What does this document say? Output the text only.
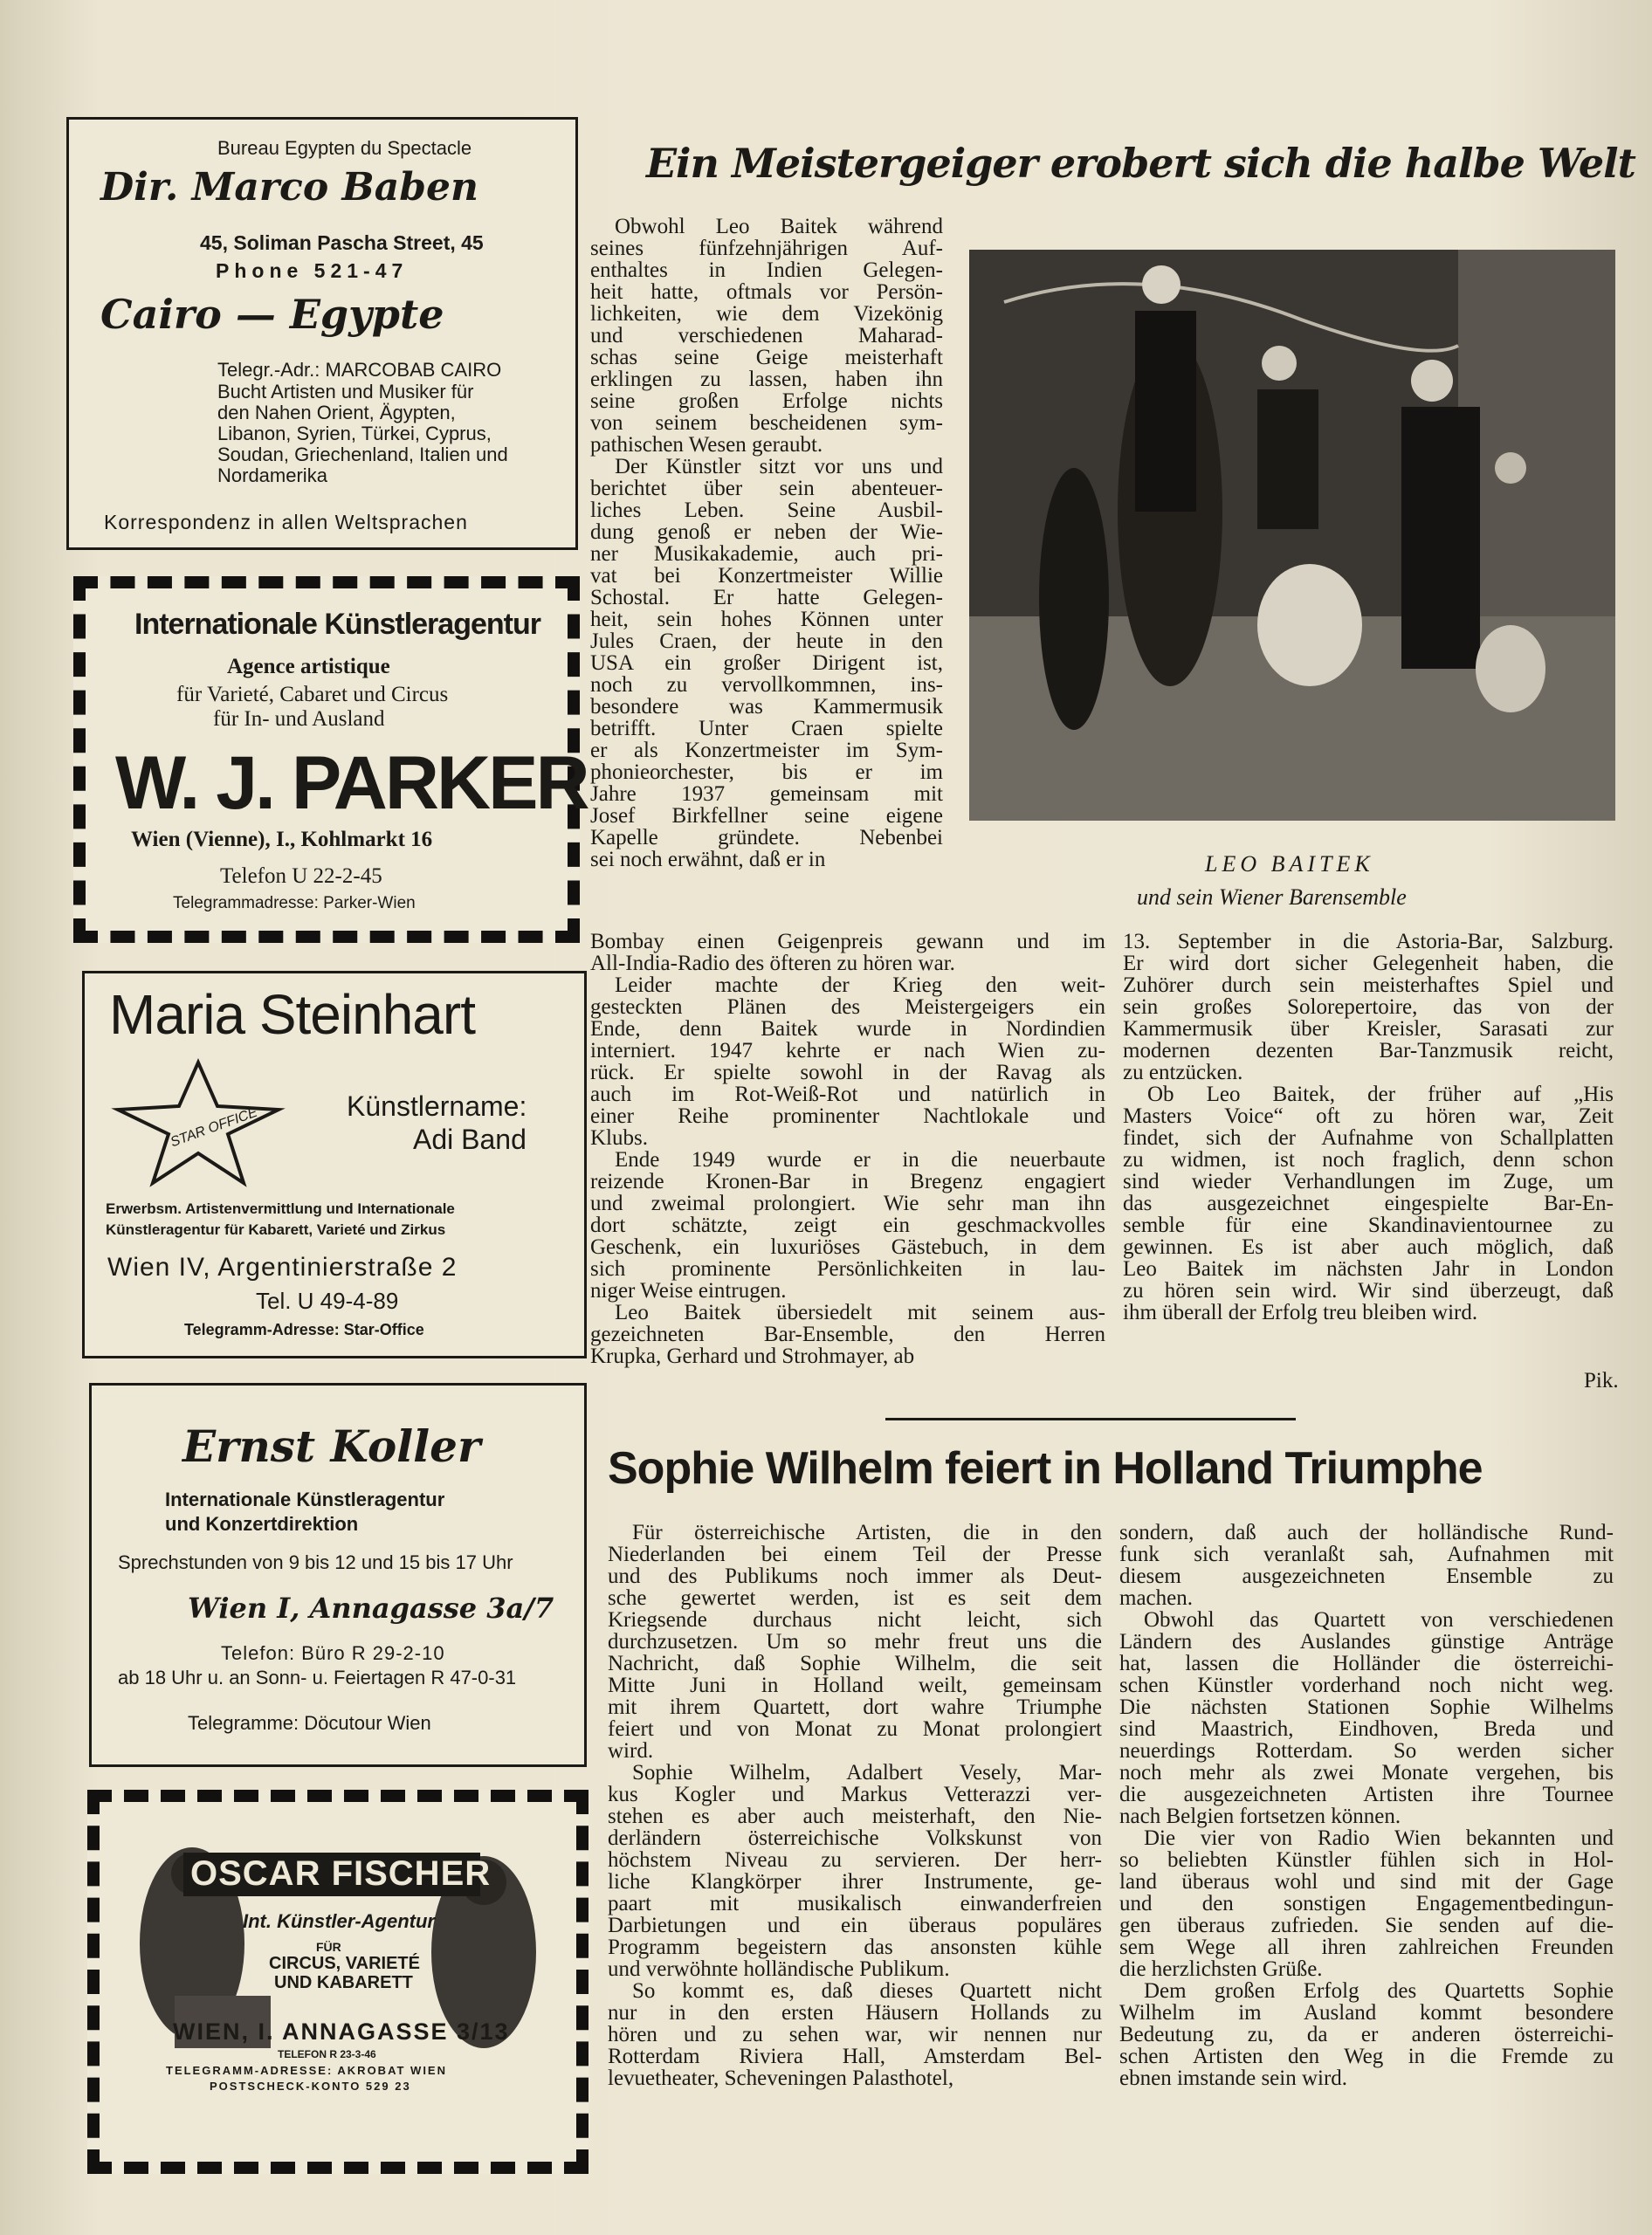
Bureau Egypten du Spectacle
Dir. Marco Baben
45, Soliman Pascha Street, 45
Phone 521-47
Cairo — Egypte
Telegr.-Adr.: MARCOBAB CAIRO
Bucht Artisten und Musiker für
den Nahen Orient, Ägypten,
Libanon, Syrien, Türkei, Cyprus,
Soudan, Griechenland, Italien und
Nordamerika
Korrespondenz in allen Weltsprachen
Internationale Künstleragentur
Agence artistique
für Varieté, Cabaret und Circus
für In- und Ausland
W. J. PARKER
Wien (Vienne), I., Kohlmarkt 16
Telefon U 22-2-45
Telegrammadresse: Parker-Wien
Maria Steinhart
STAR OFFICE	Künstlername:
Adi Band
Erwerbsm. Artistenvermittlung und Internationale
Künstleragentur für Kabarett, Varieté und Zirkus
Wien IV, Argentinierstraße 2
Tel. U 49-4-89
Telegramm-Adresse: Star-Office
Ernst Koller
Internationale Künstleragentur
und Konzertdirektion
Sprechstunden von 9 bis 12 und 15 bis 17 Uhr
Wien I, Annagasse 3a/7
Telefon: Büro R 29-2-10
ab 18 Uhr u. an Sonn- u. Feiertagen R 47-0-31
Telegramme: Döcutour Wien
OSCAR FISCHER
Int. Künstler-Agentur
FÜR
CIRCUS, VARIETÉ
UND KABARETT
WIEN, I. ANNAGASSE 3/13
TELEFON R 23-3-46
TELEGRAMM-ADRESSE: AKROBAT WIEN
POSTSCHECK-KONTO 529 23
Ein Meistergeiger erobert sich die halbe Welt
LEO BAITEK
und sein Wiener Barensemble
Obwohl Leo Baitek während
seines fünfzehnjährigen Auf-
enthaltes in Indien Gelegen-
heit hatte, oftmals vor Persön-
lichkeiten, wie dem Vizekönig
und verschiedenen Maharad-
schas seine Geige meisterhaft
erklingen zu lassen, haben ihn
seine großen Erfolge nichts
von seinem bescheidenen sym-
pathischen Wesen geraubt.
Der Künstler sitzt vor uns und
berichtet über sein abenteuer-
liches Leben. Seine Ausbil-
dung genoß er neben der Wie-
ner Musikakademie, auch pri-
vat bei Konzertmeister Willie
Schostal. Er hatte Gelegen-
heit, sein hohes Können unter
Jules Craen, der heute in den
USA ein großer Dirigent ist,
noch zu vervollkommnen, ins-
besondere was Kammermusik
betrifft. Unter Craen spielte
er als Konzertmeister im Sym-
phonieorchester, bis er im
Jahre 1937 gemeinsam mit
Josef Birkfellner seine eigene
Kapelle gründete. Nebenbei
sei noch erwähnt, daß er in
Bombay einen Geigenpreis gewann und im
All-India-Radio des öfteren zu hören war.
Leider machte der Krieg den weit-
gesteckten Plänen des Meistergeigers ein
Ende, denn Baitek wurde in Nordindien
interniert. 1947 kehrte er nach Wien zu-
rück. Er spielte sowohl in der Ravag als
auch im Rot-Weiß-Rot und natürlich in
einer Reihe prominenter Nachtlokale und
Klubs.
Ende 1949 wurde er in die neuerbaute
reizende Kronen-Bar in Bregenz engagiert
und zweimal prolongiert. Wie sehr man ihn
dort schätzte, zeigt ein geschmackvolles
Geschenk, ein luxuriöses Gästebuch, in dem
sich prominente Persönlichkeiten in lau-
niger Weise eintrugen.
Leo Baitek übersiedelt mit seinem aus-
gezeichneten Bar-Ensemble, den Herren
Krupka, Gerhard und Strohmayer, ab
13. September in die Astoria-Bar, Salzburg.
Er wird dort sicher Gelegenheit haben, die
Zuhörer durch sein meisterhaftes Spiel und
sein großes Solorepertoire, das von der
Kammermusik über Kreisler, Sarasati zur
modernen dezenten Bar-Tanzmusik reicht,
zu entzücken.
Ob Leo Baitek, der früher auf „His
Masters Voice“ oft zu hören war, Zeit
findet, sich der Aufnahme von Schallplatten
zu widmen, ist noch fraglich, denn schon
sind wieder Verhandlungen im Zuge, um
das ausgezeichnet eingespielte Bar-En-
semble für eine Skandinavientournee zu
gewinnen. Es ist aber auch möglich, daß
Leo Baitek im nächsten Jahr in London
zu hören sein wird. Wir sind überzeugt, daß
ihm überall der Erfolg treu bleiben wird.
Pik.
Sophie Wilhelm feiert in Holland Triumphe
Für österreichische Artisten, die in den
Niederlanden bei einem Teil der Presse
und des Publikums noch immer als Deut-
sche gewertet werden, ist es seit dem
Kriegsende durchaus nicht leicht, sich
durchzusetzen. Um so mehr freut uns die
Nachricht, daß Sophie Wilhelm, die seit
Mitte Juni in Holland weilt, gemeinsam
mit ihrem Quartett, dort wahre Triumphe
feiert und von Monat zu Monat prolongiert
wird.
Sophie Wilhelm, Adalbert Vesely, Mar-
kus Kogler und Markus Vetterazzi ver-
stehen es aber auch meisterhaft, den Nie-
derländern österreichische Volkskunst von
höchstem Niveau zu servieren. Der herr-
liche Klangkörper ihrer Instrumente, ge-
paart mit musikalisch einwanderfreien
Darbietungen und ein überaus populäres
Programm begeistern das ansonsten kühle
und verwöhnte holländische Publikum.
So kommt es, daß dieses Quartett nicht
nur in den ersten Häusern Hollands zu
hören und zu sehen war, wir nennen nur
Rotterdam Riviera Hall, Amsterdam Bel-
levuetheater, Scheveningen Palasthotel,
sondern, daß auch der holländische Rund-
funk sich veranlaßt sah, Aufnahmen mit
diesem ausgezeichneten Ensemble zu
machen.
Obwohl das Quartett von verschiedenen
Ländern des Auslandes günstige Anträge
hat, lassen die Holländer die österreichi-
schen Künstler vorderhand noch nicht weg.
Die nächsten Stationen Sophie Wilhelms
sind Maastrich, Eindhoven, Breda und
neuerdings Rotterdam. So werden sicher
noch mehr als zwei Monate vergehen, bis
die ausgezeichneten Artisten ihre Tournee
nach Belgien fortsetzen können.
Die vier von Radio Wien bekannten und
so beliebten Künstler fühlen sich in Hol-
land überaus wohl und sind mit der Gage
und den sonstigen Engagementbedingun-
gen überaus zufrieden. Sie senden auf die-
sem Wege all ihren zahlreichen Freunden
die herzlichsten Grüße.
Dem großen Erfolg des Quartetts Sophie
Wilhelm im Ausland kommt besondere
Bedeutung zu, da er anderen österreichi-
schen Artisten den Weg in die Fremde zu
ebnen imstande sein wird.
